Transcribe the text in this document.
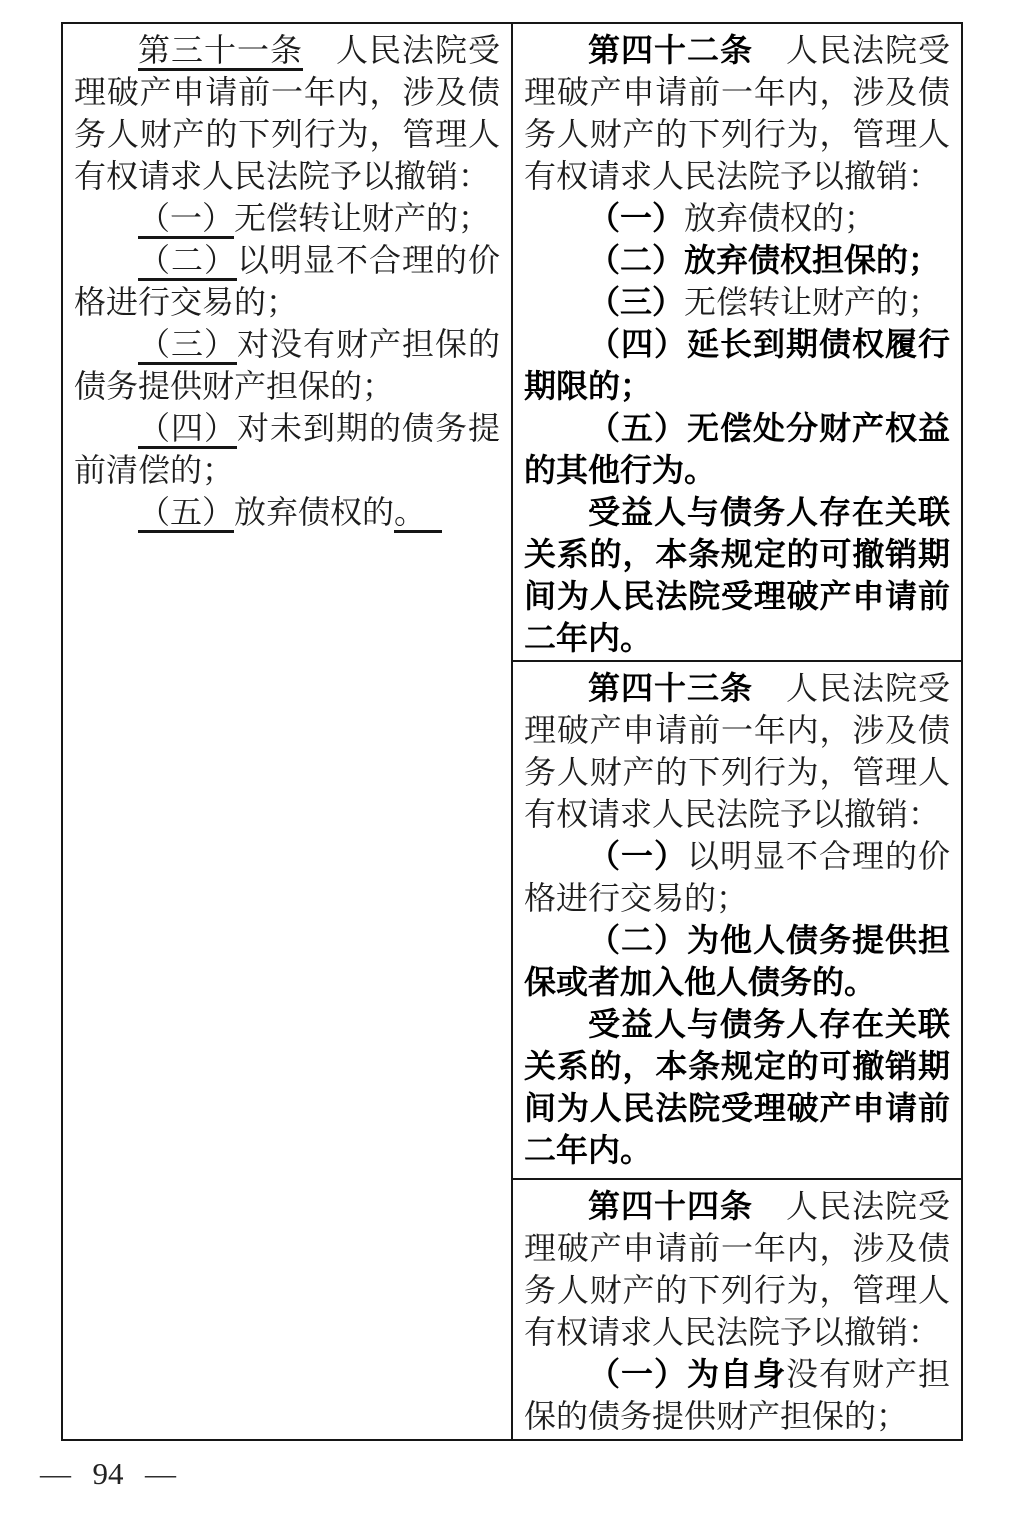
第三十一条　人民法院受理破产申请前一年内，涉及债务人财产的下列行为，管理人有权请求人民法院予以撤销：

（一）无偿转让财产的；

（二）以明显不合理的价格进行交易的；

（三）对没有财产担保的债务提供财产担保的；

（四）对未到期的债务提前清偿的；

（五）放弃债权的。 

第四十二条　人民法院受理破产申请前一年内，涉及债务人财产的下列行为，管理人有权请求人民法院予以撤销：

（一）放弃债权的；

（二）放弃债权担保的；

（三）无偿转让财产的；

（四）延长到期债权履行期限的；

（五）无偿处分财产权益的其他行为。

受益人与债务人存在关联关系的，本条规定的可撤销期间为人民法院受理破产申请前二年内。

第四十三条　人民法院受理破产申请前一年内，涉及债务人财产的下列行为，管理人有权请求人民法院予以撤销：

（一）以明显不合理的价格进行交易的；

（二）为他人债务提供担保或者加入他人债务的。

受益人与债务人存在关联关系的，本条规定的可撤销期间为人民法院受理破产申请前二年内。

第四十四条　人民法院受理破产申请前一年内，涉及债务人财产的下列行为，管理人有权请求人民法院予以撤销：

（一）为自身没有财产担保的债务提供财产担保的；

— 94 —
